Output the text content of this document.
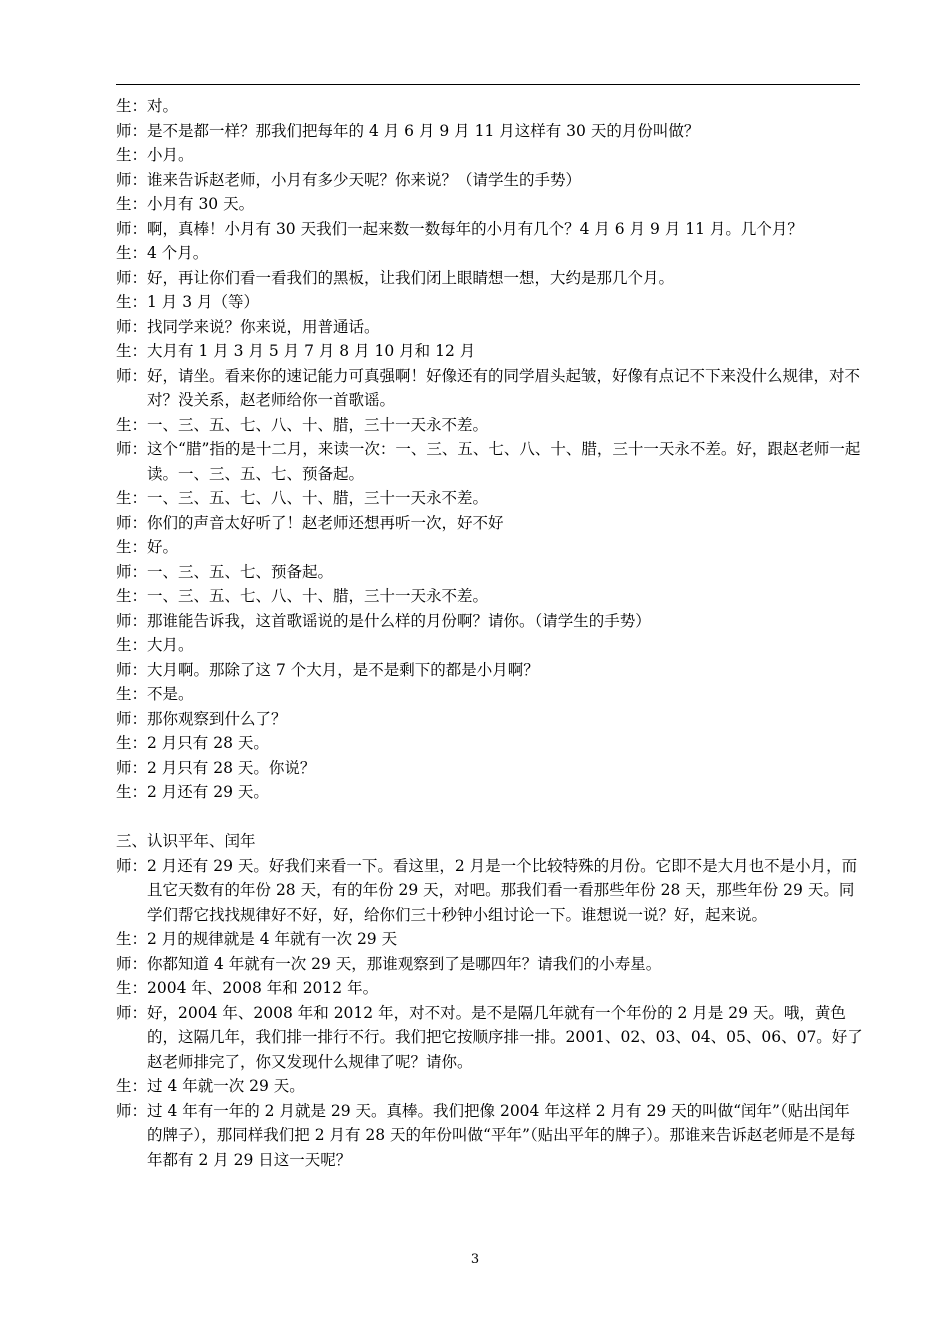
生： 对。
师： 是不是都一样？那我们把每年的 4 月 6 月 9 月 11 月这样有 30 天的月份叫做？
生： 小月。
师： 谁来告诉赵老师，小月有多少天呢？你来说？（请学生的手势）
生： 小月有 30 天。
师： 啊，真棒！小月有 30 天我们一起来数一数每年的小月有几个？4 月 6 月 9 月 11 月。几个月？
生： 4 个月。
师： 好，再让你们看一看我们的黑板，让我们闭上眼睛想一想，大约是那几个月。
生： 1 月 3 月（等）
师： 找同学来说？你来说，用普通话。
生： 大月有 1 月 3 月 5 月 7 月 8 月 10 月和 12 月
师： 好，请坐。看来你的速记能力可真强啊！好像还有的同学眉头起皱，好像有点记不下来没什么规律，对不对？没关系，赵老师给你一首歌谣。
生： 一、三、五、七、八、十、腊，三十一天永不差。
师： 这个“腊”指的是十二月，来读一次：一、三、五、七、八、十、腊，三十一天永不差。好，跟赵老师一起读。一、三、五、七、预备起。
生： 一、三、五、七、八、十、腊，三十一天永不差。
师： 你们的声音太好听了！赵老师还想再听一次，好不好
生： 好。
师： 一、三、五、七、预备起。
生： 一、三、五、七、八、十、腊，三十一天永不差。
师： 那谁能告诉我，这首歌谣说的是什么样的月份啊？请你。（请学生的手势）
生： 大月。
师： 大月啊。那除了这 7 个大月，是不是剩下的都是小月啊？
生： 不是。
师： 那你观察到什么了？
生： 2 月只有 28 天。
师： 2 月只有 28 天。你说？
生： 2 月还有 29 天。
三、认识平年、闰年
师： 2 月还有 29 天。好我们来看一下。看这里，2 月是一个比较特殊的月份。它即不是大月也不是小月，而且它天数有的年份 28 天，有的年份 29 天，对吧。那我们看一看那些年份 28 天，那些年份 29 天。同学们帮它找找规律好不好，好，给你们三十秒钟小组讨论一下。谁想说一说？好，起来说。
生： 2 月的规律就是 4 年就有一次 29 天
师： 你都知道 4 年就有一次 29 天，那谁观察到了是哪四年？请我们的小寿星。
生： 2004 年、2008 年和 2012 年。
师： 好，2004 年、2008 年和 2012 年，对不对。是不是隔几年就有一个年份的 2 月是 29 天。哦，黄色的，这隔几年，我们排一排行不行。我们把它按顺序排一排。2001、02、03、04、05、06、07。好了赵老师排完了，你又发现什么规律了呢？请你。
生： 过 4 年就一次 29 天。
师： 过 4 年有一年的 2 月就是 29 天。真棒。我们把像 2004 年这样 2 月有 29 天的叫做“闰年”（贴出闰年的牌子），那同样我们把 2 月有 28 天的年份叫做“平年”（贴出平年的牌子）。那谁来告诉赵老师是不是每年都有 2 月 29 日这一天呢？
3
